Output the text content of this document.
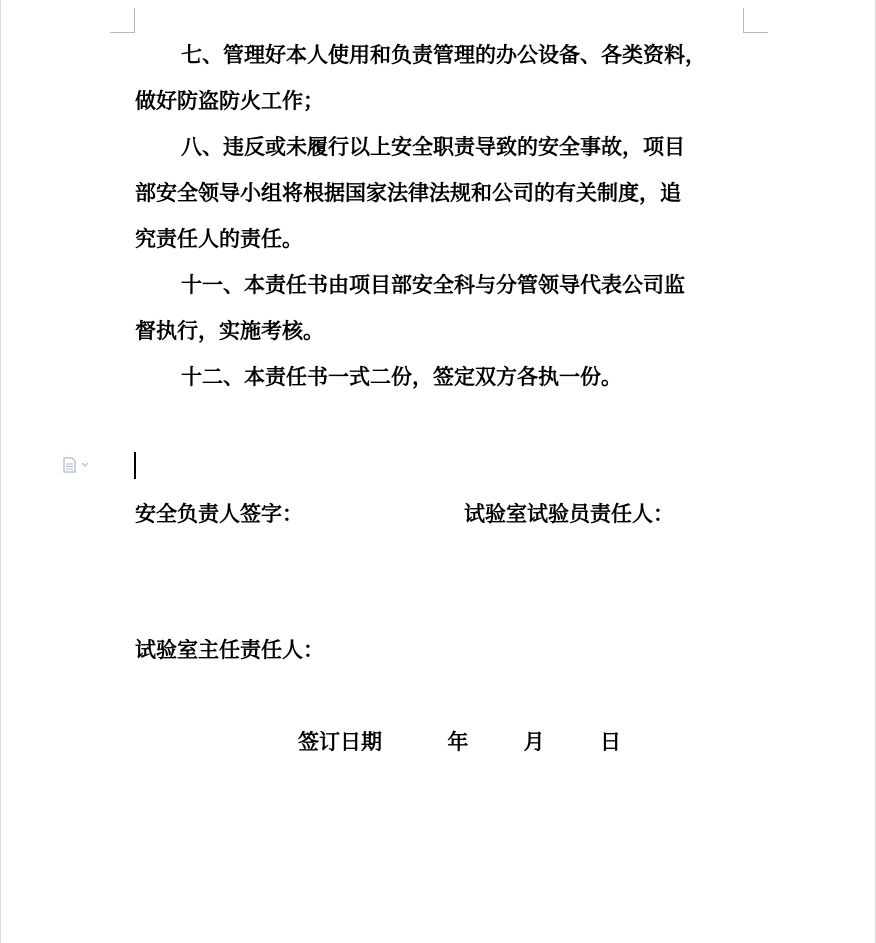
七、管理好本人使用和负责管理的办公设备、各类资料，
做好防盗防火工作；
八、违反或未履行以上安全职责导致的安全事故，项目
部安全领导小组将根据国家法律法规和公司的有关制度，追
究责任人的责任。
十一、本责任书由项目部安全科与分管领导代表公司监
督执行，实施考核。
十二、本责任书一式二份，签定双方各执一份。
安全负责人签字：	试验室试验员责任人：
试验室主任责任人：
签订日期	年	月	日
